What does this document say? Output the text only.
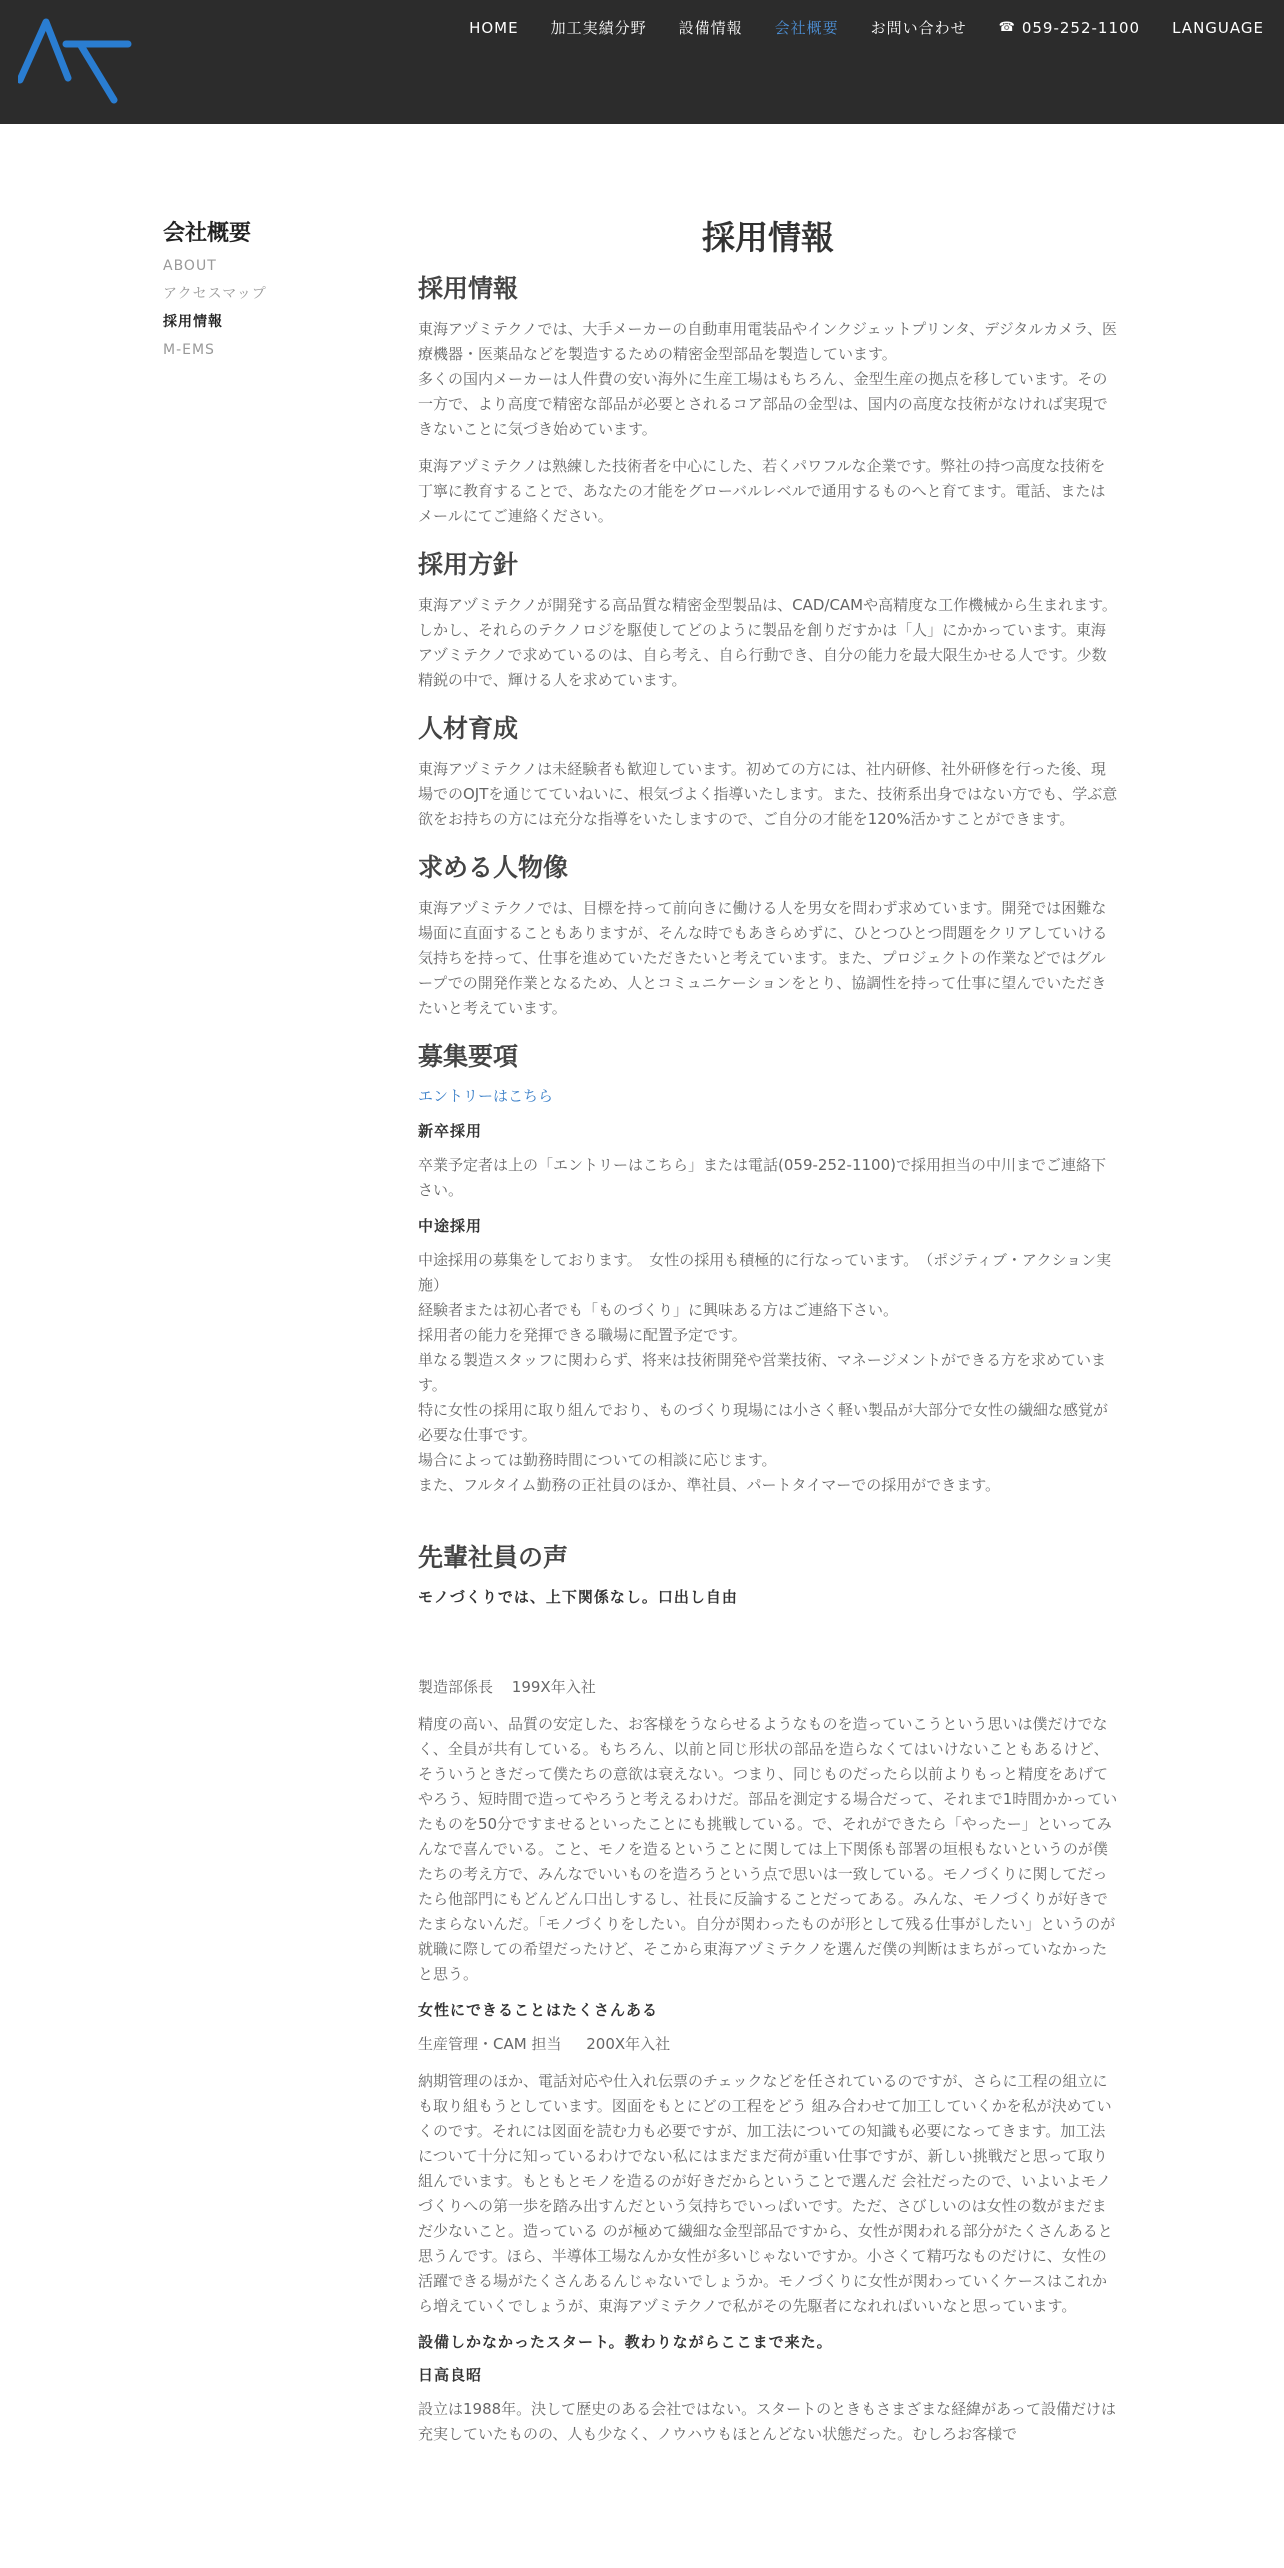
HOME 加工実績分野 設備情報 会社概要 お問い合わせ ☎ 059-252-1100 LANGUAGE
会社概要
ABOUT
アクセスマップ
採用情報
M-EMS
採用情報
採用情報

東海アヅミテクノでは、大手メーカーの自動車用電装品やインクジェットプリンタ、デジタルカメラ、医療機器・医薬品などを製造するための精密金型部品を製造しています。
多くの国内メーカーは人件費の安い海外に生産工場はもちろん、金型生産の拠点を移しています。その一方で、より高度で精密な部品が必要とされるコア部品の金型は、国内の高度な技術がなければ実現できないことに気づき始めています。

東海アヅミテクノは熟練した技術者を中心にした、若くパワフルな企業です。弊社の持つ高度な技術を丁寧に教育することで、あなたの才能をグローバルレベルで通用するものへと育てます。電話、またはメールにてご連絡ください。

採用方針

東海アヅミテクノが開発する高品質な精密金型製品は、CAD/CAMや高精度な工作機械から生まれます。しかし、それらのテクノロジを駆使してどのように製品を創りだすかは「人」にかかっています。東海アヅミテクノで求めているのは、自ら考え、自ら行動でき、自分の能力を最大限生かせる人です。少数精鋭の中で、輝ける人を求めています。

人材育成

東海アヅミテクノは未経験者も歓迎しています。初めての方には、社内研修、社外研修を行った後、現場でのOJTを通じてていねいに、根気づよく指導いたします。また、技術系出身ではない方でも、学ぶ意欲をお持ちの方には充分な指導をいたしますので、ご自分の才能を120%活かすことができます。

求める人物像

東海アヅミテクノでは、目標を持って前向きに働ける人を男女を問わず求めています。開発では困難な場面に直面することもありますが、そんな時でもあきらめずに、ひとつひとつ問題をクリアしていける気持ちを持って、仕事を進めていただきたいと考えています。また、プロジェクトの作業などではグループでの開発作業となるため、人とコミュニケーションをとり、協調性を持って仕事に望んでいただきたいと考えています。

募集要項
エントリーはこちら
新卒採用

卒業予定者は上の「エントリーはこちら」または電話(059-252-1100)で採用担当の中川までご連絡下さい。

中途採用

中途採用の募集をしております。　女性の採用も積極的に行なっています。　（ポジティブ・アクション実施）
経験者または初心者でも「ものづくり」に興味ある方はご連絡下さい。
採用者の能力を発揮できる職場に配置予定です。
単なる製造スタッフに関わらず、将来は技術開発や営業技術、マネージメントができる方を求めています。
特に女性の採用に取り組んでおり、ものづくり現場には小さく軽い製品が大部分で女性の繊細な感覚が必要な仕事です。
場合によっては勤務時間についての相談に応じます。
また、フルタイム勤務の正社員のほか、準社員、パートタイマーでの採用ができます。

先輩社員の声
モノづくりでは、上下関係なし。口出し自由

製造部係長 199X年入社

精度の高い、品質の安定した、お客様をうならせるようなものを造っていこうという思いは僕だけでなく、全員が共有している。もちろん、以前と同じ形状の部品を造らなくてはいけないこともあるけど、そういうときだって僕たちの意欲は衰えない。つまり、同じものだったら以前よりもっと精度をあげてやろう、短時間で造ってやろうと考えるわけだ。部品を測定する場合だって、それまで1時間かかっていたものを50分ですませるといったことにも挑戦している。で、それができたら「やったー」といってみんなで喜んでいる。こと、モノを造るということに関しては上下関係も部署の垣根もないというのが僕たちの考え方で、みんなでいいものを造ろうという点で思いは一致している。モノづくりに関してだったら他部門にもどんどん口出しするし、社長に反論することだってある。みんな、モノづくりが好きでたまらないんだ。「モノづくりをしたい。自分が関わったものが形として残る仕事がしたい」というのが就職に際しての希望だったけど、そこから東海アヅミテクノを選んだ僕の判断はまちがっていなかったと思う。

女性にできることはたくさんある

生産管理・CAM 担当 200X年入社

納期管理のほか、電話対応や仕入れ伝票のチェックなどを任されているのですが、さらに工程の組立にも取り組もうとしています。図面をもとにどの工程をどう 組み合わせて加工していくかを私が決めていくのです。それには図面を読む力も必要ですが、加工法についての知識も必要になってきます。加工法について十分に知っているわけでない私にはまだまだ荷が重い仕事ですが、新しい挑戦だと思って取り組んでいます。もともとモノを造るのが好きだからということで選んだ 会社だったので、いよいよモノづくりへの第一歩を踏み出すんだという気持ちでいっぱいです。ただ、さびしいのは女性の数がまだまだ少ないこと。造っている のが極めて繊細な金型部品ですから、女性が関われる部分がたくさんあると思うんです。ほら、半導体工場なんか女性が多いじゃないですか。小さくて精巧なものだけに、女性の活躍できる場がたくさんあるんじゃないでしょうか。モノづくりに女性が関わっていくケースはこれから増えていくでしょうが、東海アヅミテクノで私がその先駆者になれればいいなと思っています。

設備しかなかったスタート。教わりながらここまで来た。
日高良昭

設立は1988年。決して歴史のある会社ではない。スタートのときもさまざまな経緯があって設備だけは充実していたものの、人も少なく、ノウハウもほとんどない状態だった。むしろお客様で
